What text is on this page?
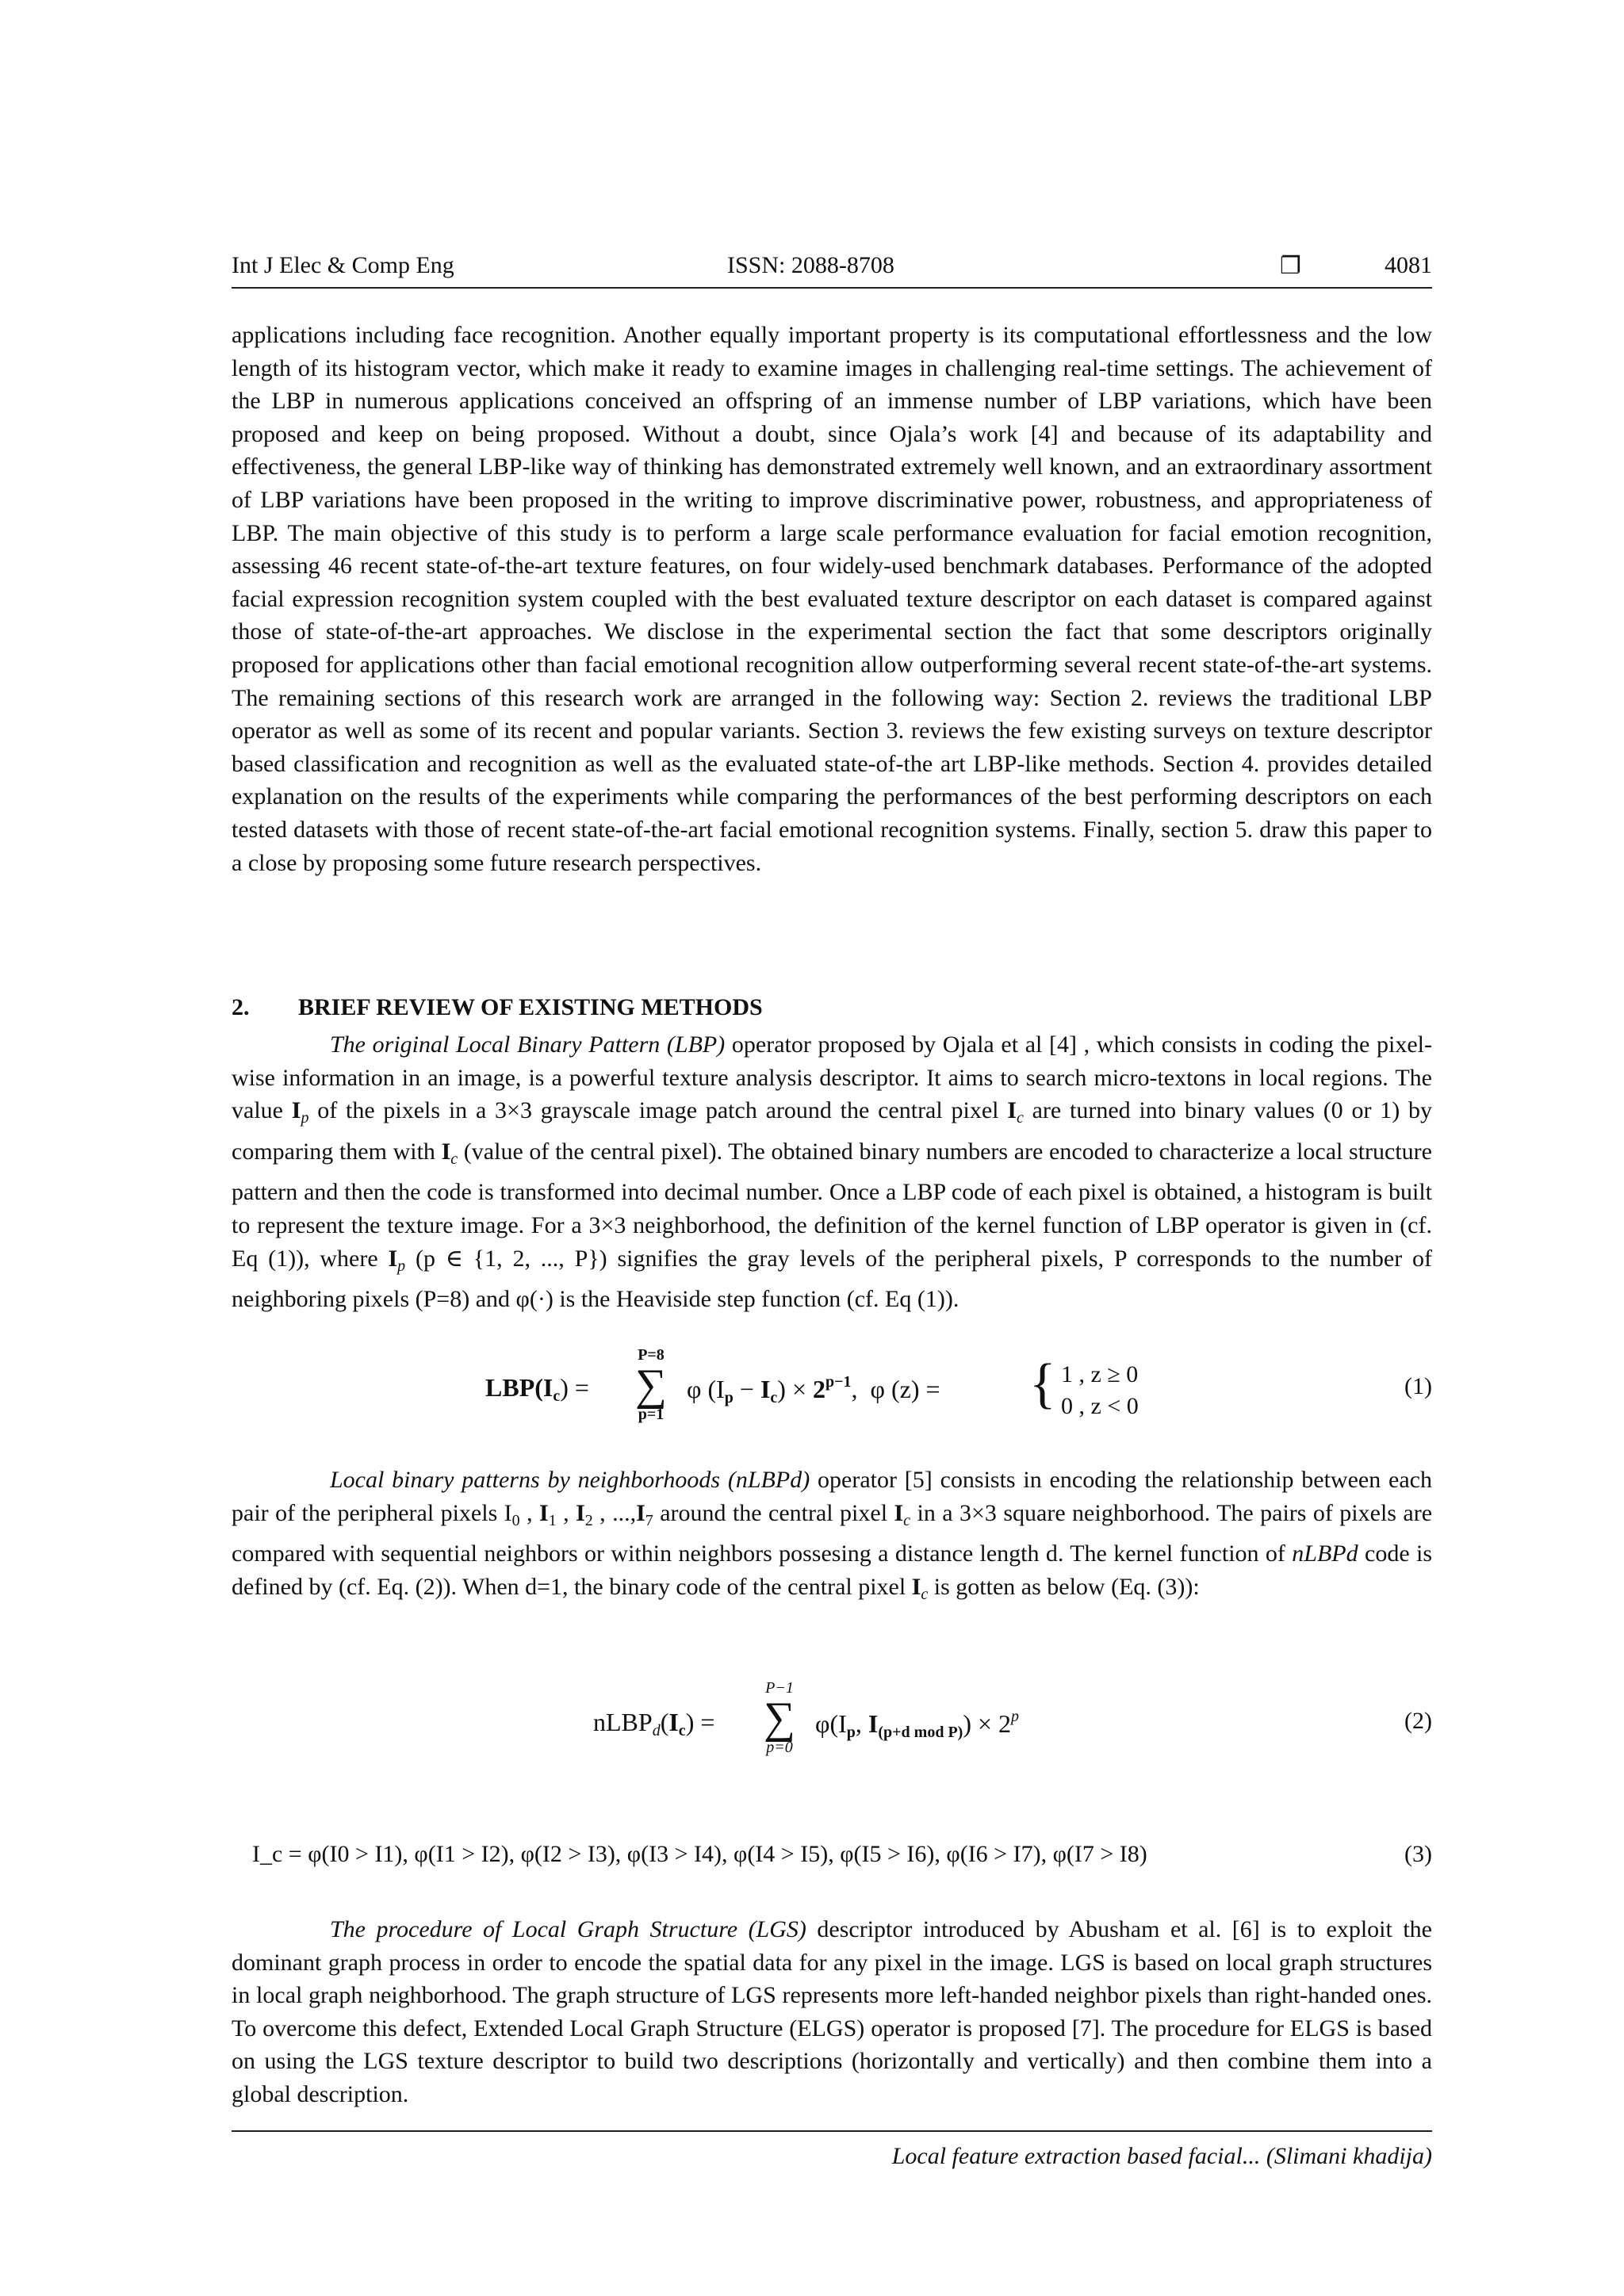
Int J Elec & Comp Eng	ISSN: 2088-8708	❐	4081

applications including face recognition. Another equally important property is its computational effortlessness and the low length of its histogram vector, which make it ready to examine images in challenging real-time settings. The achievement of the LBP in numerous applications conceived an offspring of an immense number of LBP variations, which have been proposed and keep on being proposed. Without a doubt, since Ojala’s work [4] and because of its adaptability and effectiveness, the general LBP-like way of thinking has demonstrated extremely well known, and an extraordinary assortment of LBP variations have been proposed in the writing to improve discriminative power, robustness, and appropriateness of LBP. The main objective of this study is to perform a large scale performance evaluation for facial emotion recognition, assessing 46 recent state-of-the-art texture features, on four widely-used benchmark databases. Performance of the adopted facial expression recognition system coupled with the best evaluated texture descriptor on each dataset is compared against those of state-of-the-art approaches. We disclose in the experimental section the fact that some descriptors originally proposed for applications other than facial emotional recognition allow outperforming several recent state-of-the-art systems. The remaining sections of this research work are arranged in the following way: Section 2. reviews the traditional LBP operator as well as some of its recent and popular variants. Section 3. reviews the few existing surveys on texture descriptor based classification and recognition as well as the evaluated state-of-the art LBP-like methods. Section 4. provides detailed explanation on the results of the experiments while comparing the performances of the best performing descriptors on each tested datasets with those of recent state-of-the-art facial emotional recognition systems. Finally, section 5. draw this paper to a close by proposing some future research perspectives.

2. BRIEF REVIEW OF EXISTING METHODS

The original Local Binary Pattern (LBP) operator proposed by Ojala et al [4] , which consists in coding the pixel-wise information in an image, is a powerful texture analysis descriptor. It aims to search micro-textons in local regions. The value $I_p$ of the pixels in a 3×3 grayscale image patch around the central pixel $I_c$ are turned into binary values (0 or 1) by comparing them with $I_c$ (value of the central pixel). The obtained binary numbers are encoded to characterize a local structure pattern and then the code is transformed into decimal number. Once a LBP code of each pixel is obtained, a histogram is built to represent the texture image. For a 3×3 neighborhood, the definition of the kernel function of LBP operator is given in (cf. Eq (1)), where $I_p$ (p ∈ {1, 2, ..., P}) signifies the gray levels of the peripheral pixels, P corresponds to the number of neighboring pixels (P=8) and φ(·) is the Heaviside step function (cf. Eq (1)).

$LBP(I_c)$ =
P=8
∑
p=1
φ $(I_p - I_c) \times 2^{p-1}$,  φ (z) = { 1 , z ≥ 0
0 , z < 0
(1)

Local binary patterns by neighborhoods (nLBPd) operator [5] consists in encoding the relationship between each pair of the peripheral pixels $I_0$ , $I_1$ , $I_2$ , $...,I_7$ around the central pixel $I_c$ in a 3×3 square neighborhood. The pairs of pixels are compared with sequential neighbors or within neighbors possesing a distance length d. The kernel function of nLBPd code is defined by (cf. Eq. (2)). When d=1, the binary code of the central pixel $I_c$ is gotten as below (Eq. (3)):

$nLBP_d(I_c)$ =
P−1
∑
p=0
$\varphi(I_p$, $I_{(p+d mod P)}) \times 2^p$	(2)
I_c = φ(I0 > I1), φ(I1 > I2), φ(I2 > I3), φ(I3 > I4), φ(I4 > I5), φ(I5 > I6), φ(I6 > I7), φ(I7 > I8)	(3)

The procedure of Local Graph Structure (LGS) descriptor introduced by Abusham et al. [6] is to exploit the dominant graph process in order to encode the spatial data for any pixel in the image. LGS is based on local graph structures in local graph neighborhood. The graph structure of LGS represents more left-handed neighbor pixels than right-handed ones. To overcome this defect, Extended Local Graph Structure (ELGS) operator is proposed [7]. The procedure for ELGS is based on using the LGS texture descriptor to build two descriptions (horizontally and vertically) and then combine them into a global description.

Local feature extraction based facial... (Slimani khadija)
